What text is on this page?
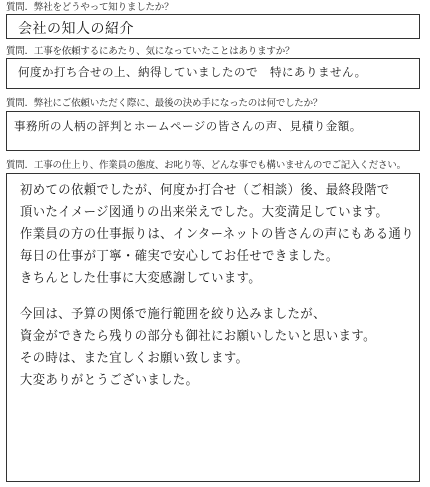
質問．弊社をどうやって知りましたか？
会社の知人の紹介
質問．工事を依頼するにあたり、気になっていたことはありますか？
何度か打ち合せの上、納得していましたので　特にありません。
質問．弊社にご依頼いただく際に、最後の決め手になったのは何でしたか？
事務所の人柄の評判とホームページの皆さんの声、見積り金額。
質問．工事の仕上り、作業員の態度、お叱り等、どんな事でも構いませんのでご記入ください。
初めての依頼でしたが、何度か打合せ（ご相談）後、最終段階で
頂いたイメージ図通りの出来栄えでした。大変満足しています。
作業員の方の仕事振りは、インターネットの皆さんの声にもある通り
毎日の仕事が丁寧・確実で安心してお任せできました。
きちんとした仕事に大変感謝しています。
今回は、予算の関係で施行範囲を絞り込みましたが、
資金ができたら残りの部分も御社にお願いしたいと思います。
その時は、また宜しくお願い致します。
大変ありがとうございました。
